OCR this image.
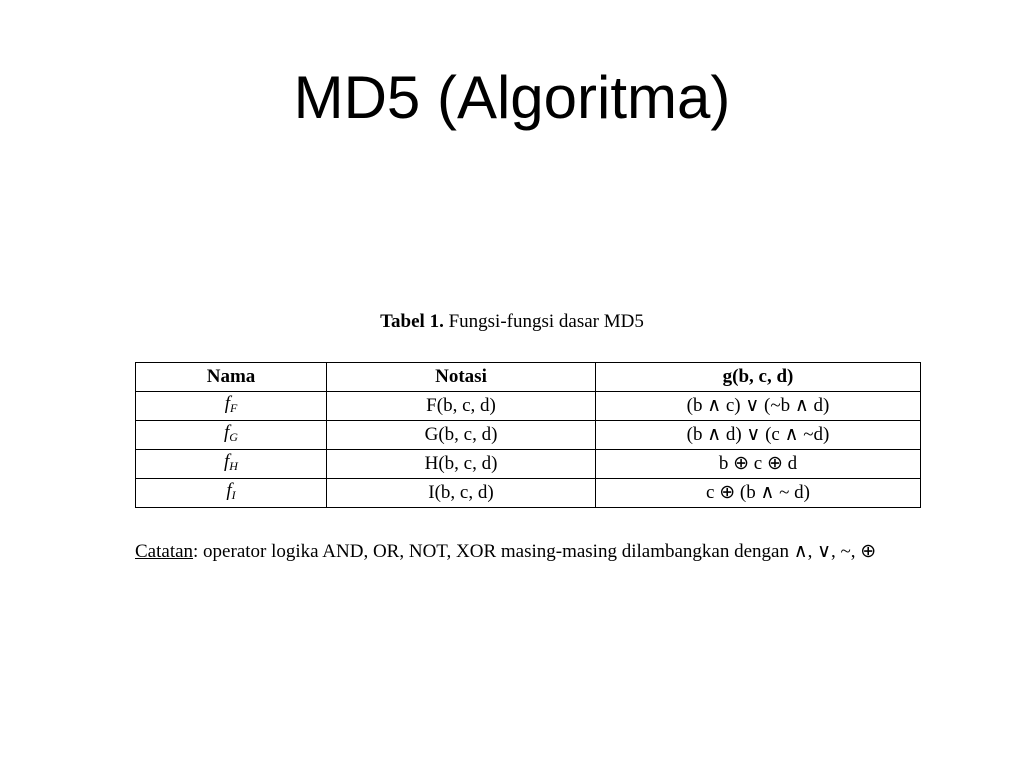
MD5 (Algoritma)
Tabel 1. Fungsi-fungsi dasar MD5
Nama	Notasi	g(b, c, d)
$f_F$	F(b, c, d)	(b ∧ c) ∨ (~b ∧ d)
$f_G$	G(b, c, d)	(b ∧ d) ∨ (c ∧ ~d)
$f_H$	H(b, c, d)	b ⊕ c ⊕ d
$f_I$	I(b, c, d)	c ⊕ (b ∧ ~ d)
Catatan: operator logika AND, OR, NOT, XOR masing-masing dilambangkan dengan ∧, ∨, ~, ⊕
